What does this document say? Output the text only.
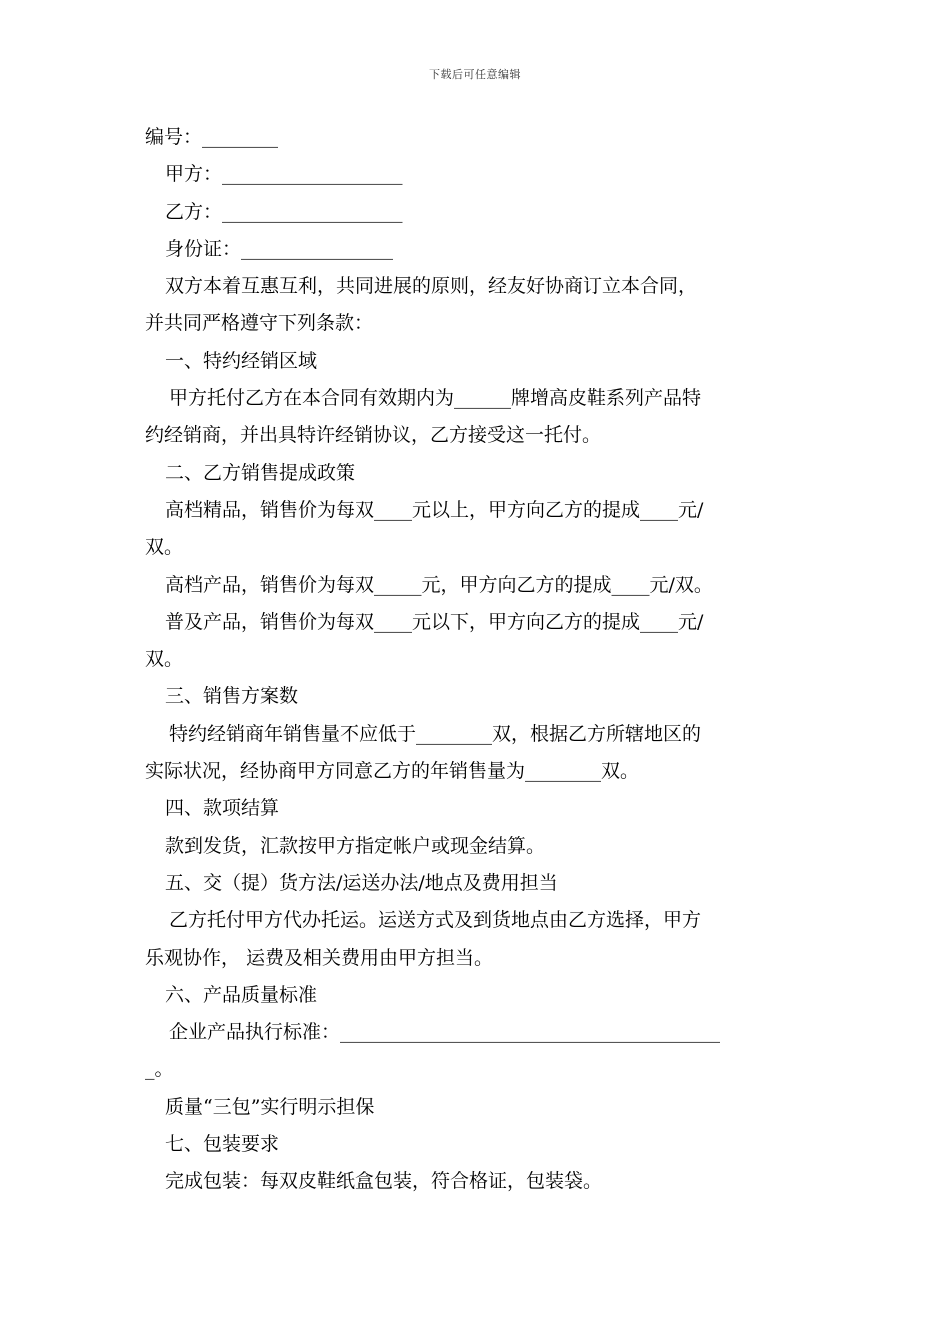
下载后可任意编辑
编号：________
甲方：___________________
乙方：___________________
身份证：________________
双方本着互惠互利，共同进展的原则，经友好协商订立本合同，
并共同严格遵守下列条款：
一、特约经销区域
甲方托付乙方在本合同有效期内为______牌增高皮鞋系列产品特
约经销商，并出具特许经销协议，乙方接受这一托付。
二、乙方销售提成政策
高档精品，销售价为每双____元以上，甲方向乙方的提成____元/
双。
高档产品，销售价为每双_____元，甲方向乙方的提成____元/双。
普及产品，销售价为每双____元以下，甲方向乙方的提成____元/
双。
三、销售方案数
特约经销商年销售量不应低于________双，根据乙方所辖地区的
实际状况，经协商甲方同意乙方的年销售量为________双。
四、款项结算
款到发货，汇款按甲方指定帐户或现金结算。
五、交（提）货方法/运送办法/地点及费用担当
乙方托付甲方代办托运。运送方式及到货地点由乙方选择，甲方
乐观协作， 运费及相关费用由甲方担当。
六、产品质量标准
企业产品执行标准：________________________________________
_。
质量“三包”实行明示担保
七、包装要求
完成包装：每双皮鞋纸盒包装，符合格证，包装袋。
